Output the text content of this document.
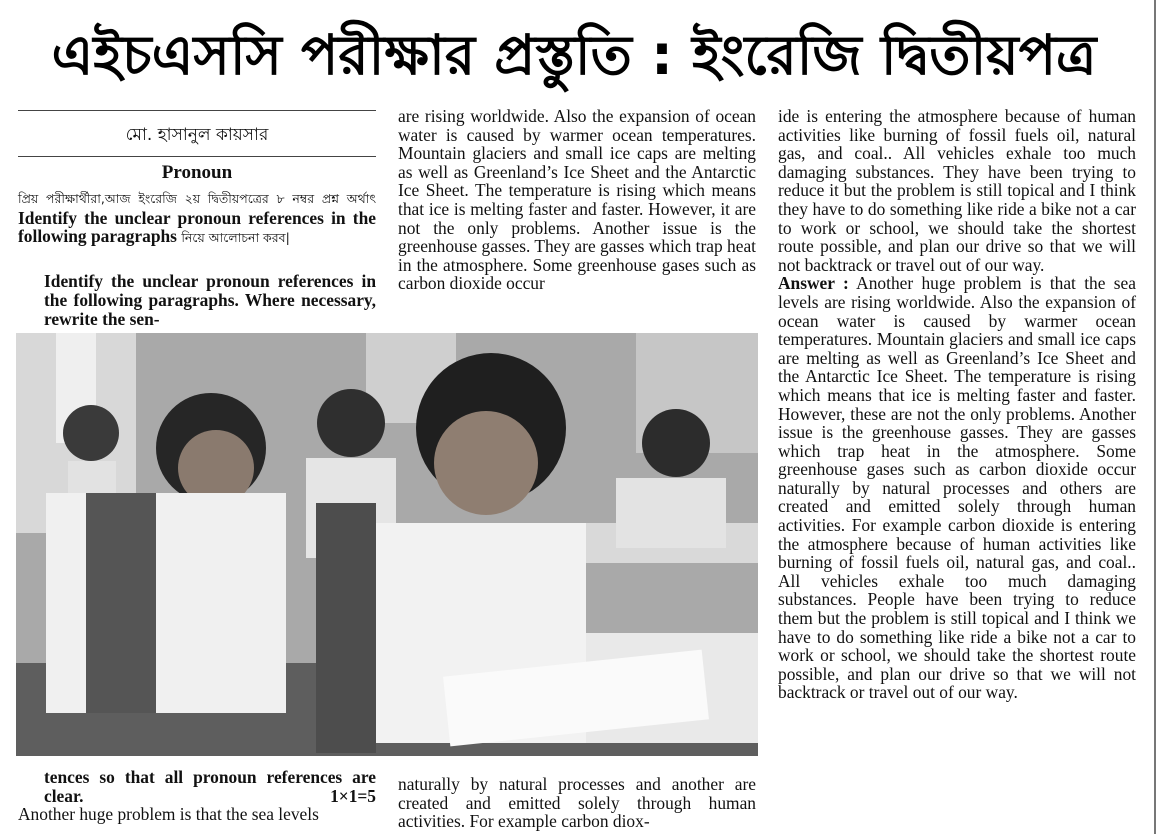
এইচএসসি পরীক্ষার প্রস্তুতি : ইংরেজি দ্বিতীয়পত্র
মো. হাসানুল কায়সার
Pronoun
প্রিয় পরীক্ষার্থীরা,আজ ইংরেজি ২য় দ্বিতীয়পত্রের ৮ নম্বর প্রশ্ন অর্থাৎ Identify the unclear pronoun references in the following paragraphs নিয়ে আলোচনা করব|
Identify the unclear pronoun references in the following paragraphs. Where necessary, rewrite the sen-
are rising worldwide. Also the expansion of ocean water is caused by warmer ocean temperatures. Mountain glaciers and small ice caps are melting as well as Greenland’s Ice Sheet and the Antarctic Ice Sheet. The temperature is rising which means that ice is melting faster and faster. However, it are not the only problems. Another issue is the greenhouse gasses. They are gasses which trap heat in the atmosphere. Some greenhouse gases such as carbon dioxide occur
tences so that all pronoun references are clear.	1×1=5
Another huge problem is that the sea levels
naturally by natural processes and another are created and emitted solely through human activities. For example carbon diox-
ide is entering the atmosphere because of human activities like burning of fossil fuels oil, natural gas, and coal.. All vehicles exhale too much damaging substances. They have been trying to reduce it but the problem is still topical and I think they have to do something like ride a bike not a car to work or school, we should take the shortest route possible, and plan our drive so that we will not backtrack or travel out of our way.
Answer : Another huge problem is that the sea levels are rising worldwide. Also the expansion of ocean water is caused by warmer ocean temperatures. Mountain glaciers and small ice caps are melting as well as Greenland’s Ice Sheet and the Antarctic Ice Sheet. The temperature is rising which means that ice is melting faster and faster. However, these are not the only problems. Another issue is the greenhouse gasses. They are gasses which trap heat in the atmosphere. Some greenhouse gases such as carbon dioxide occur naturally by natural processes and others are created and emitted solely through human activities. For example carbon dioxide is entering the atmosphere because of human activities like burning of fossil fuels oil, natural gas, and coal.. All vehicles exhale too much damaging substances. People have been trying to reduce them but the problem is still topical and I think we have to do something like ride a bike not a car to work or school, we should take the shortest route possible, and plan our drive so that we will not backtrack or travel out of our way.
